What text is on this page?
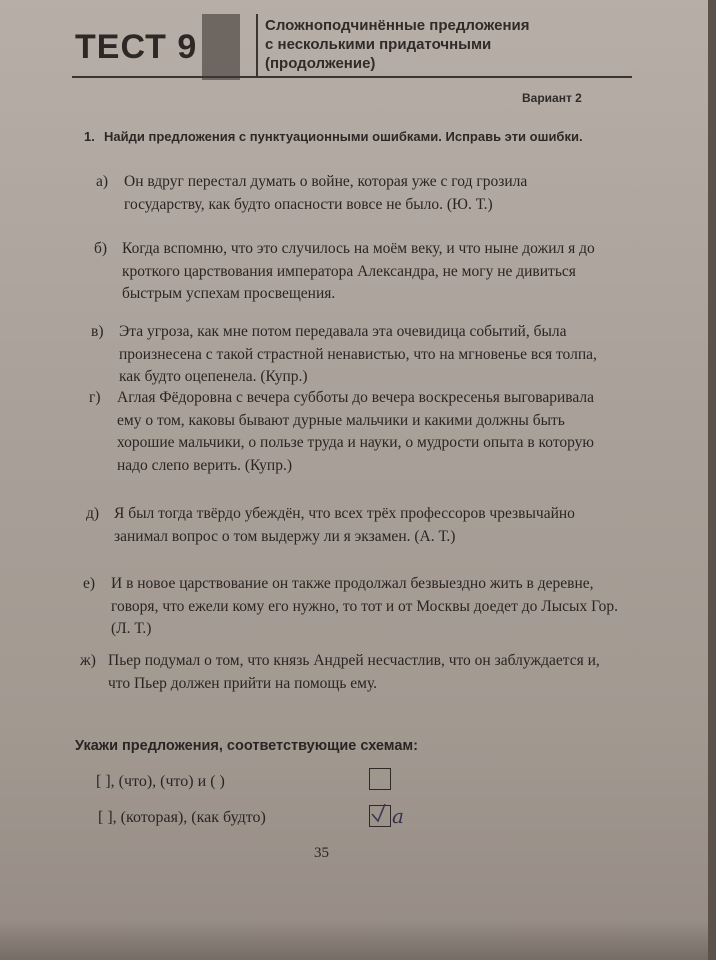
ТЕСТ 9
Сложноподчинённые предложения
с несколькими придаточными
(продолжение)
Вариант 2
1. Найди предложения с пунктуационными ошибками. Исправь эти ошибки.
а) Он вдруг перестал думать о войне, которая уже с год грозила государству, как будто опасности вовсе не было. (Ю. Т.)
б) Когда вспомню, что это случилось на моём веку, и что ныне дожил я до кроткого царствования императора Александра, не могу не дивиться быстрым успехам просвещения.
в) Эта угроза, как мне потом передавала эта очевидица событий, была произнесена с такой страстной ненавистью, что на мгновенье вся толпа, как будто оцепенела. (Купр.)
г) Аглая Фёдоровна с вечера субботы до вечера воскресенья выговаривала ему о том, каковы бывают дурные мальчики и какими должны быть хорошие мальчики, о пользе труда и науки, о мудрости опыта в которую надо слепо верить. (Купр.)
д) Я был тогда твёрдо убеждён, что всех трёх профессоров чрезвычайно занимал вопрос о том выдержу ли я экзамен. (А. Т.)
е) И в новое царствование он также продолжал безвыездно жить в деревне, говоря, что ежели кому его нужно, то тот и от Москвы доедет до Лысых Гор. (Л. Т.)
ж) Пьер подумал о том, что князь Андрей несчастлив, что он заблуждается и, что Пьер должен прийти на помощь ему.
Укажи предложения, соответствующие схемам:
[ ], (что), (что) и ( )
[ ], (которая), (как будто)	а
35
